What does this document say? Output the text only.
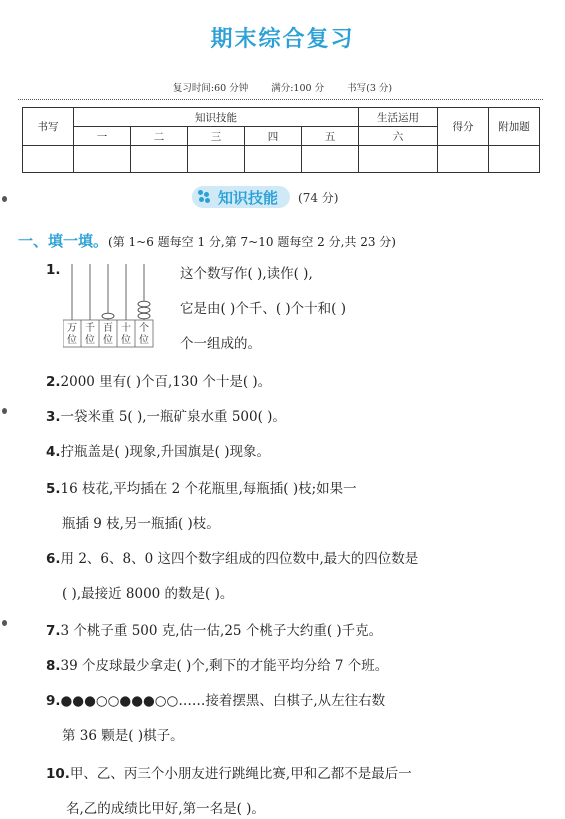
期末综合复习
复习时间:60 分钟 满分:100 分 书写(3 分)
书写	知识技能					生活运用	得分	附加题
	一	二	三	四	五	六		

知识技能 (74 分)
一、填一填。(第 1~6 题每空 1 分,第 7~10 题每空 2 分,共 23 分)
1.
万
位
千
位
百
位
十
位
个
位
这个数写作( ),读作( ),
它是由( )个千、( )个十和( )
个一组成的。
2.2000 里有( )个百,130 个十是( )。
3.一袋米重 5( ),一瓶矿泉水重 500( )。
4.拧瓶盖是( )现象,升国旗是( )现象。
5.16 枝花,平均插在 2 个花瓶里,每瓶插( )枝;如果一
瓶插 9 枝,另一瓶插( )枝。
6.用 2、6、8、0 这四个数字组成的四位数中,最大的四位数是
( ),最接近 8000 的数是( )。
7.3 个桃子重 500 克,估一估,25 个桃子大约重( )千克。
8.39 个皮球最少拿走( )个,剩下的才能平均分给 7 个班。
9.●●●○○●●●○○……接着摆黑、白棋子,从左往右数
第 36 颗是( )棋子。
10.甲、乙、丙三个小朋友进行跳绳比赛,甲和乙都不是最后一
名,乙的成绩比甲好,第一名是( )。
